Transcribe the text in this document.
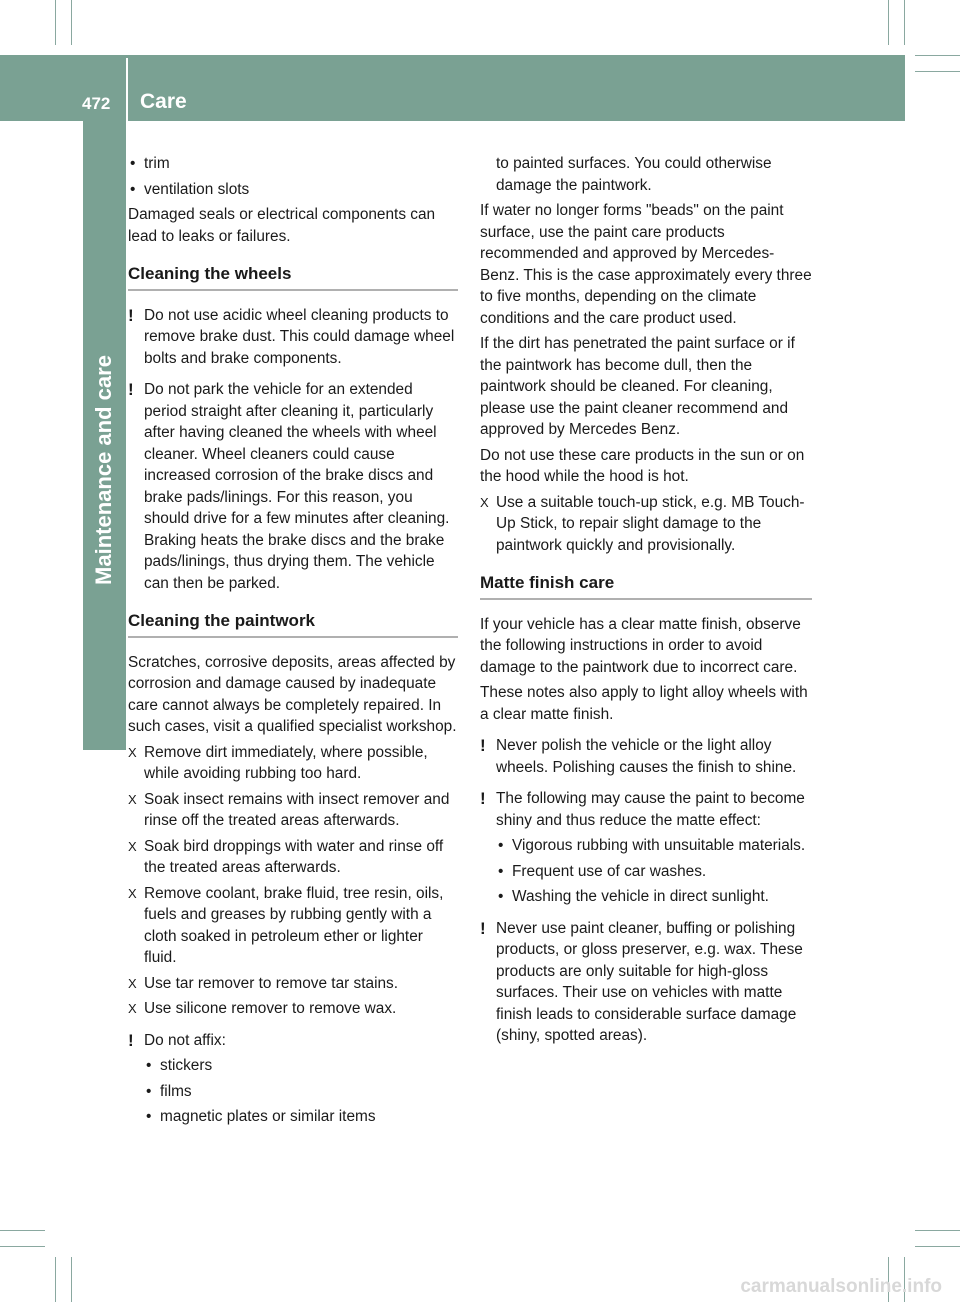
472 Care
Maintenance and care
• trim
• ventilation slots

Damaged seals or electrical components can lead to leaks or failures.

Cleaning the wheels
! Do not use acidic wheel cleaning products to remove brake dust. This could damage wheel bolts and brake components.
! Do not park the vehicle for an extended period straight after cleaning it, particularly after having cleaned the wheels with wheel cleaner. Wheel cleaners could cause increased corrosion of the brake discs and brake pads/linings. For this reason, you should drive for a few minutes after cleaning. Braking heats the brake discs and the brake pads/linings, thus drying them. The vehicle can then be parked.
Cleaning the paintwork

Scratches, corrosive deposits, areas affected by corrosion and damage caused by inadequate care cannot always be completely repaired. In such cases, visit a qualified specialist workshop.

X Remove dirt immediately, where possible, while avoiding rubbing too hard.
X Soak insect remains with insect remover and rinse off the treated areas afterwards.
X Soak bird droppings with water and rinse off the treated areas afterwards.
X Remove coolant, brake fluid, tree resin, oils, fuels and greases by rubbing gently with a cloth soaked in petroleum ether or lighter fluid.
X Use tar remover to remove tar stains.
X Use silicone remover to remove wax.
! Do not affix:
• stickers
• films
• magnetic plates or similar items

to painted surfaces. You could otherwise damage the paintwork.

If water no longer forms "beads" on the paint surface, use the paint care products recommended and approved by Mercedes-Benz. This is the case approximately every three to five months, depending on the climate conditions and the care product used.

If the dirt has penetrated the paint surface or if the paintwork has become dull, then the paintwork should be cleaned. For cleaning, please use the paint cleaner recommend and approved by Mercedes Benz.

Do not use these care products in the sun or on the hood while the hood is hot.

X Use a suitable touch-up stick, e.g. MB Touch-Up Stick, to repair slight damage to the paintwork quickly and provisionally.
Matte finish care

If your vehicle has a clear matte finish, observe the following instructions in order to avoid damage to the paintwork due to incorrect care.

These notes also apply to light alloy wheels with a clear matte finish.

! Never polish the vehicle or the light alloy wheels. Polishing causes the finish to shine.
! The following may cause the paint to become shiny and thus reduce the matte effect:
• Vigorous rubbing with unsuitable materials.
• Frequent use of car washes.
• Washing the vehicle in direct sunlight.
! Never use paint cleaner, buffing or polishing products, or gloss preserver, e.g. wax. These products are only suitable for high-gloss surfaces. Their use on vehicles with matte finish leads to considerable surface damage (shiny, spotted areas).
carmanualsonline.info
